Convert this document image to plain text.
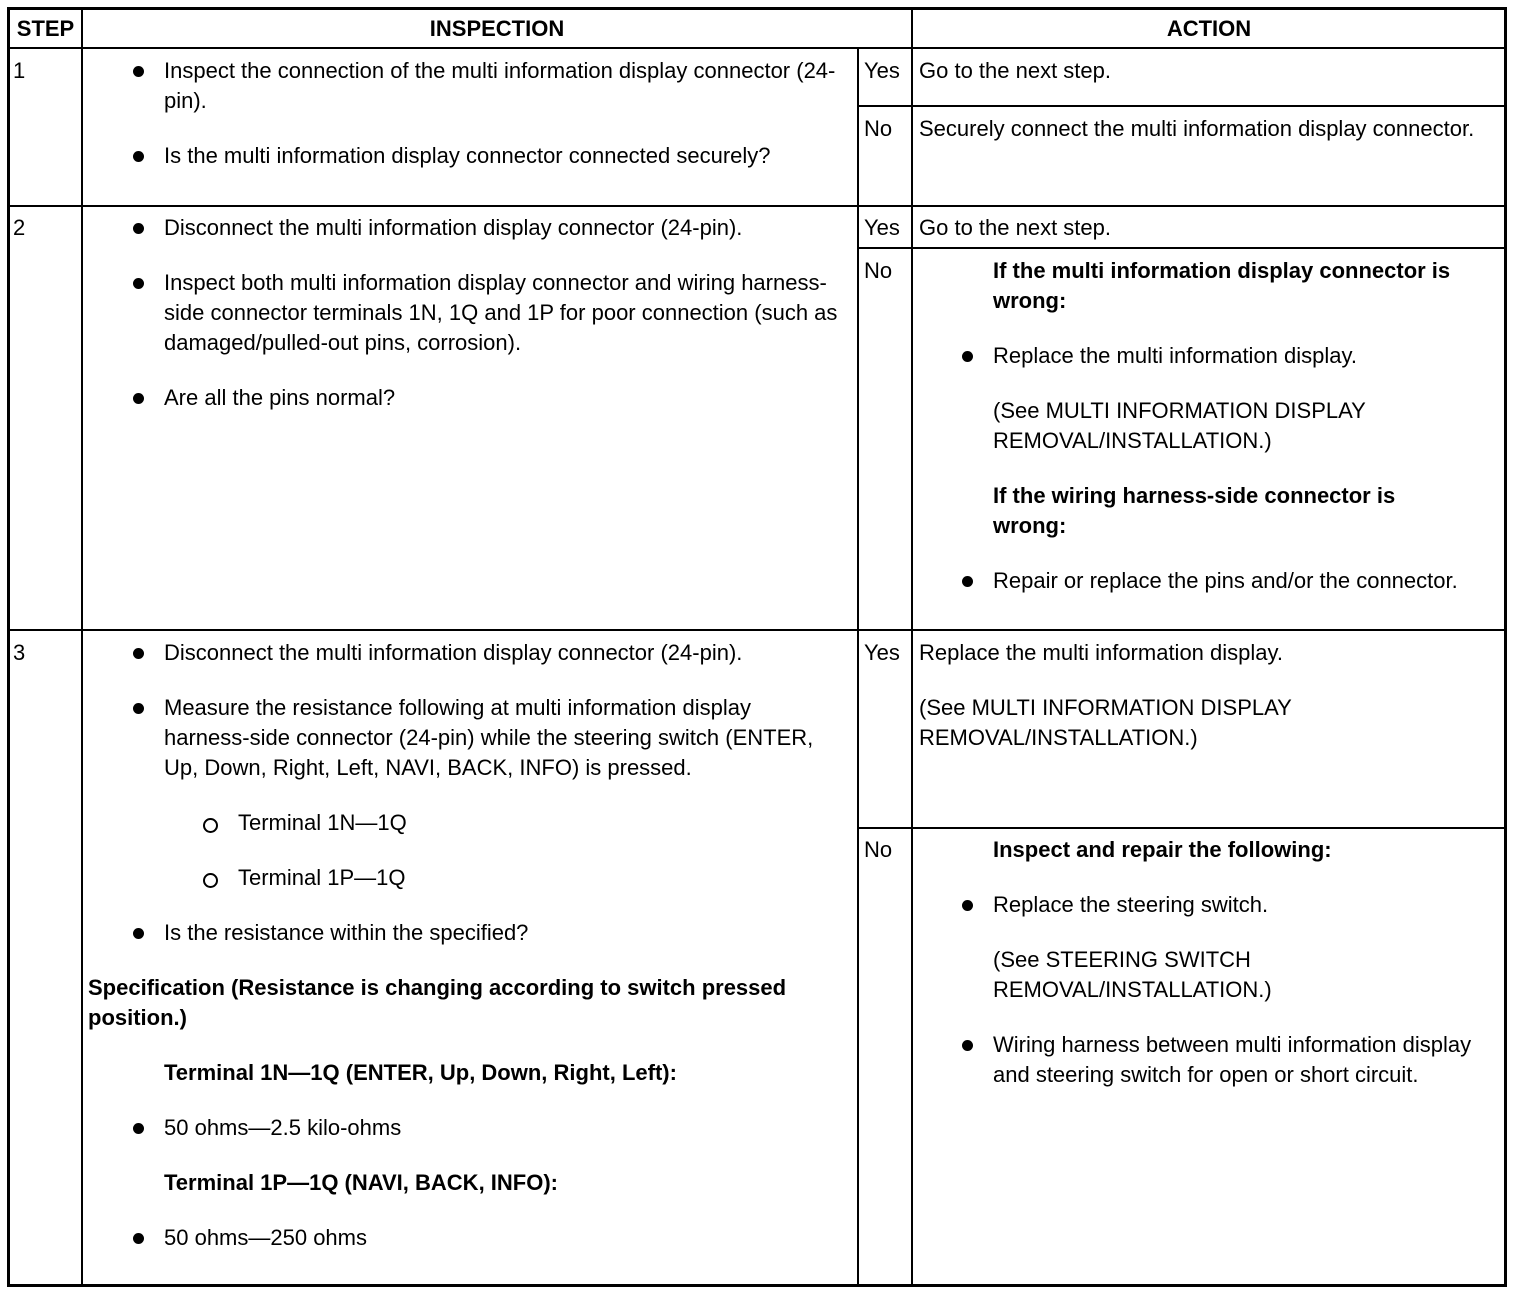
STEP	INSPECTION	ACTION
1	Inspect the connection of the multi information display connector (24-pin).

Is the multi information display connector connected securely?

Yes Go to the next step.
No Securely connect the multi information display connector.
2	Disconnect the multi information display connector (24-pin).

Inspect both multi information display connector and wiring harness-side connector terminals 1N, 1Q and 1P for poor connection (such as damaged/pulled-out pins, corrosion).

Are all the pins normal?

Yes Go to the next step.
No	If the multi information display connector is wrong:

Replace the multi information display.

(See MULTI INFORMATION DISPLAY REMOVAL/INSTALLATION.)

If the wiring harness-side connector is wrong:

Repair or replace the pins and/or the connector.

3	Disconnect the multi information display connector (24-pin).

Measure the resistance following at multi information display harness-side connector (24-pin) while the steering switch (ENTER, Up, Down, Right, Left, NAVI, BACK, INFO) is pressed.

Terminal 1N—1Q

Terminal 1P—1Q

Is the resistance within the specified?

Specification (Resistance is changing according to switch pressed position.)

Terminal 1N—1Q (ENTER, Up, Down, Right, Left):

50 ohms—2.5 kilo-ohms

Terminal 1P—1Q (NAVI, BACK, INFO):

50 ohms—250 ohms

Yes Replace the multi information display.

(See MULTI INFORMATION DISPLAY REMOVAL/INSTALLATION.)

No	Inspect and repair the following:

Replace the steering switch.

(See STEERING SWITCH REMOVAL/INSTALLATION.)

Wiring harness between multi information display and steering switch for open or short circuit.
